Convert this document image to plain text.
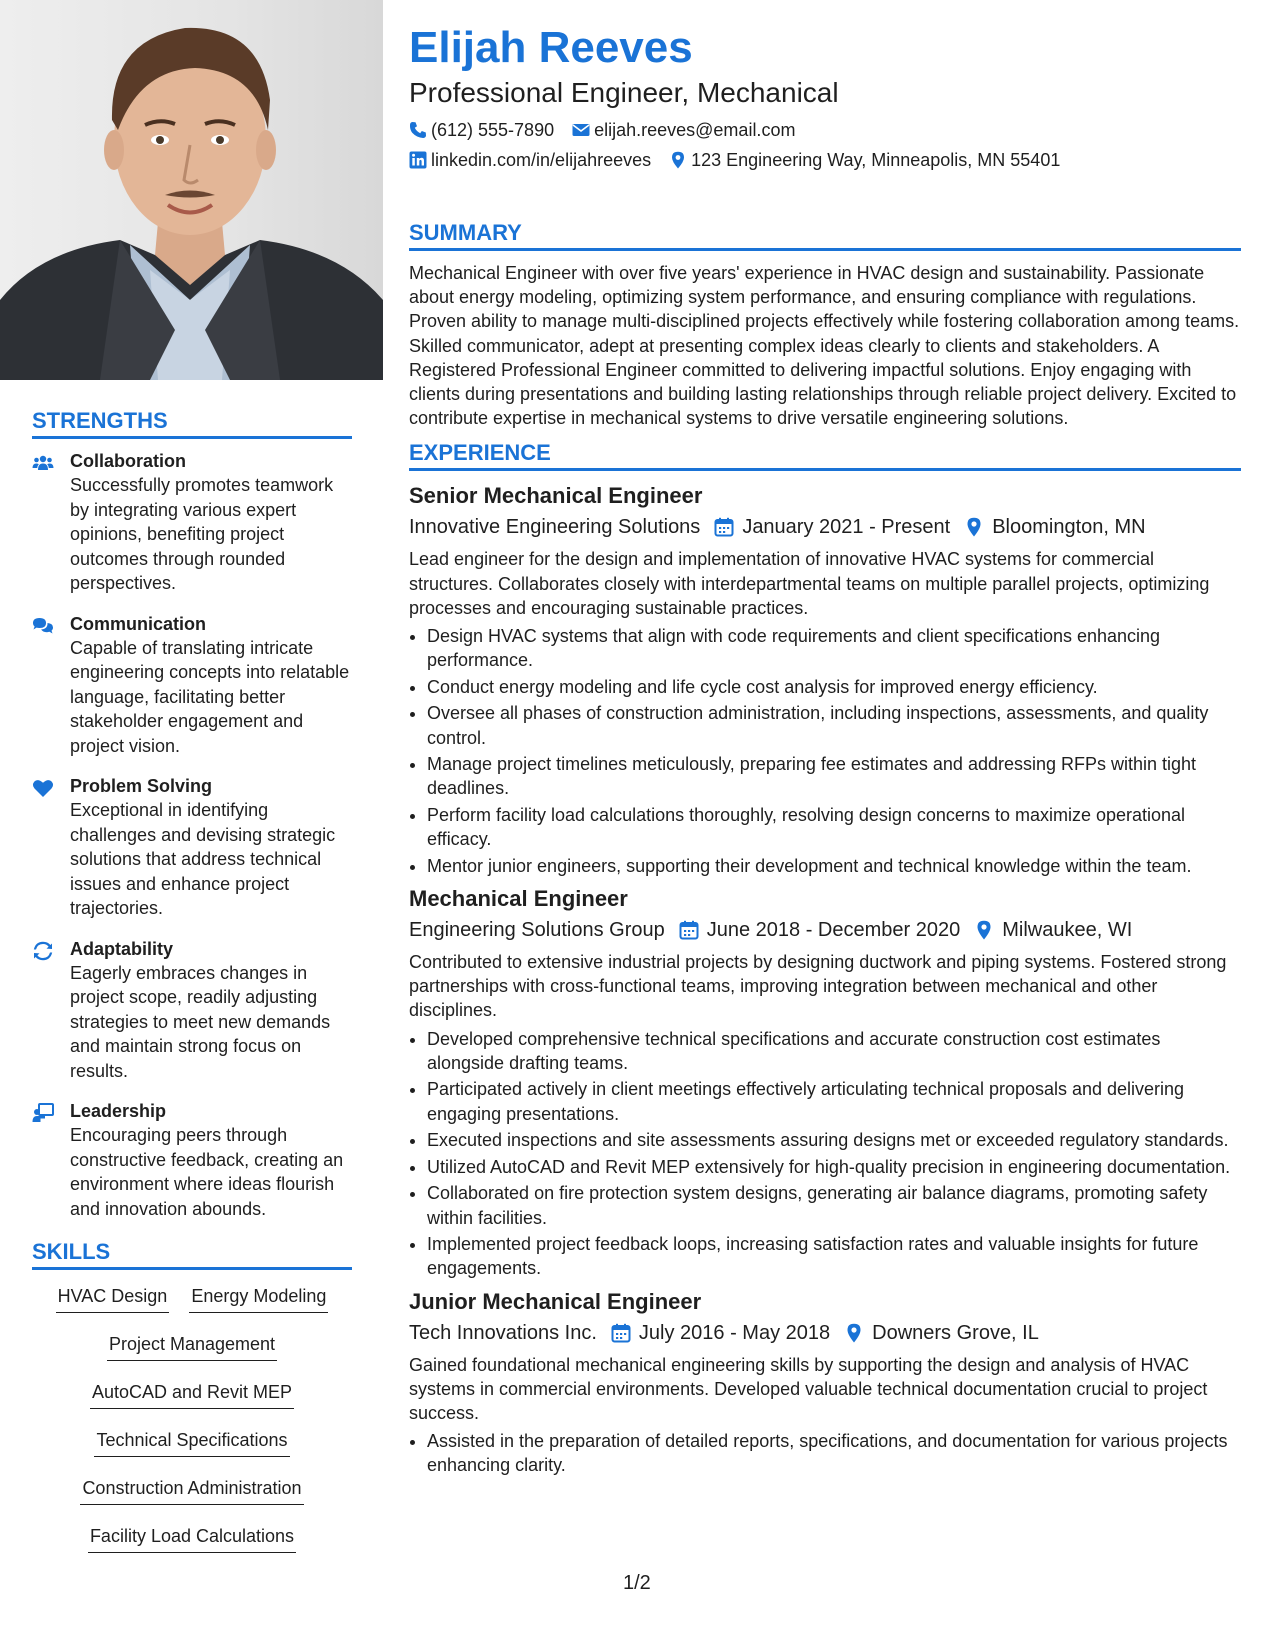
STRENGTHS
Collaboration
Successfully promotes teamwork by integrating various expert opinions, benefiting project outcomes through rounded perspectives.
Communication
Capable of translating intricate engineering concepts into relatable language, facilitating better stakeholder engagement and project vision.
Problem Solving
Exceptional in identifying challenges and devising strategic solutions that address technical issues and enhance project trajectories.
Adaptability
Eagerly embraces changes in project scope, readily adjusting strategies to meet new demands and maintain strong focus on results.
Leadership
Encouraging peers through constructive feedback, creating an environment where ideas flourish and innovation abounds.
SKILLS
HVAC Design Energy Modeling
Project Management
AutoCAD and Revit MEP
Technical Specifications
Construction Administration
Facility Load Calculations
Elijah Reeves
Professional Engineer, Mechanical
(612) 555-7890 elijah.reeves@email.com
linkedin.com/in/elijahreeves 123 Engineering Way, Minneapolis, MN 55401
SUMMARY
Mechanical Engineer with over five years' experience in HVAC design and sustainability. Passionate about energy modeling, optimizing system performance, and ensuring compliance with regulations. Proven ability to manage multi-disciplined projects effectively while fostering collaboration among teams. Skilled communicator, adept at presenting complex ideas clearly to clients and stakeholders. A Registered Professional Engineer committed to delivering impactful solutions. Enjoy engaging with clients during presentations and building lasting relationships through reliable project delivery. Excited to contribute expertise in mechanical systems to drive versatile engineering solutions.
EXPERIENCE
Senior Mechanical Engineer
Innovative Engineering Solutions January 2021 - Present Bloomington, MN
Lead engineer for the design and implementation of innovative HVAC systems for commercial structures. Collaborates closely with interdepartmental teams on multiple parallel projects, optimizing processes and encouraging sustainable practices.
• Design HVAC systems that align with code requirements and client specifications enhancing performance.
• Conduct energy modeling and life cycle cost analysis for improved energy efficiency.
• Oversee all phases of construction administration, including inspections, assessments, and quality control.
• Manage project timelines meticulously, preparing fee estimates and addressing RFPs within tight deadlines.
• Perform facility load calculations thoroughly, resolving design concerns to maximize operational efficacy.
• Mentor junior engineers, supporting their development and technical knowledge within the team.
Mechanical Engineer
Engineering Solutions Group June 2018 - December 2020 Milwaukee, WI
Contributed to extensive industrial projects by designing ductwork and piping systems. Fostered strong partnerships with cross-functional teams, improving integration between mechanical and other disciplines.
• Developed comprehensive technical specifications and accurate construction cost estimates alongside drafting teams.
• Participated actively in client meetings effectively articulating technical proposals and delivering engaging presentations.
• Executed inspections and site assessments assuring designs met or exceeded regulatory standards.
• Utilized AutoCAD and Revit MEP extensively for high-quality precision in engineering documentation.
• Collaborated on fire protection system designs, generating air balance diagrams, promoting safety within facilities.
• Implemented project feedback loops, increasing satisfaction rates and valuable insights for future engagements.
Junior Mechanical Engineer
Tech Innovations Inc. July 2016 - May 2018 Downers Grove, IL
Gained foundational mechanical engineering skills by supporting the design and analysis of HVAC systems in commercial environments. Developed valuable technical documentation crucial to project success.
• Assisted in the preparation of detailed reports, specifications, and documentation for various projects enhancing clarity.
1/2
